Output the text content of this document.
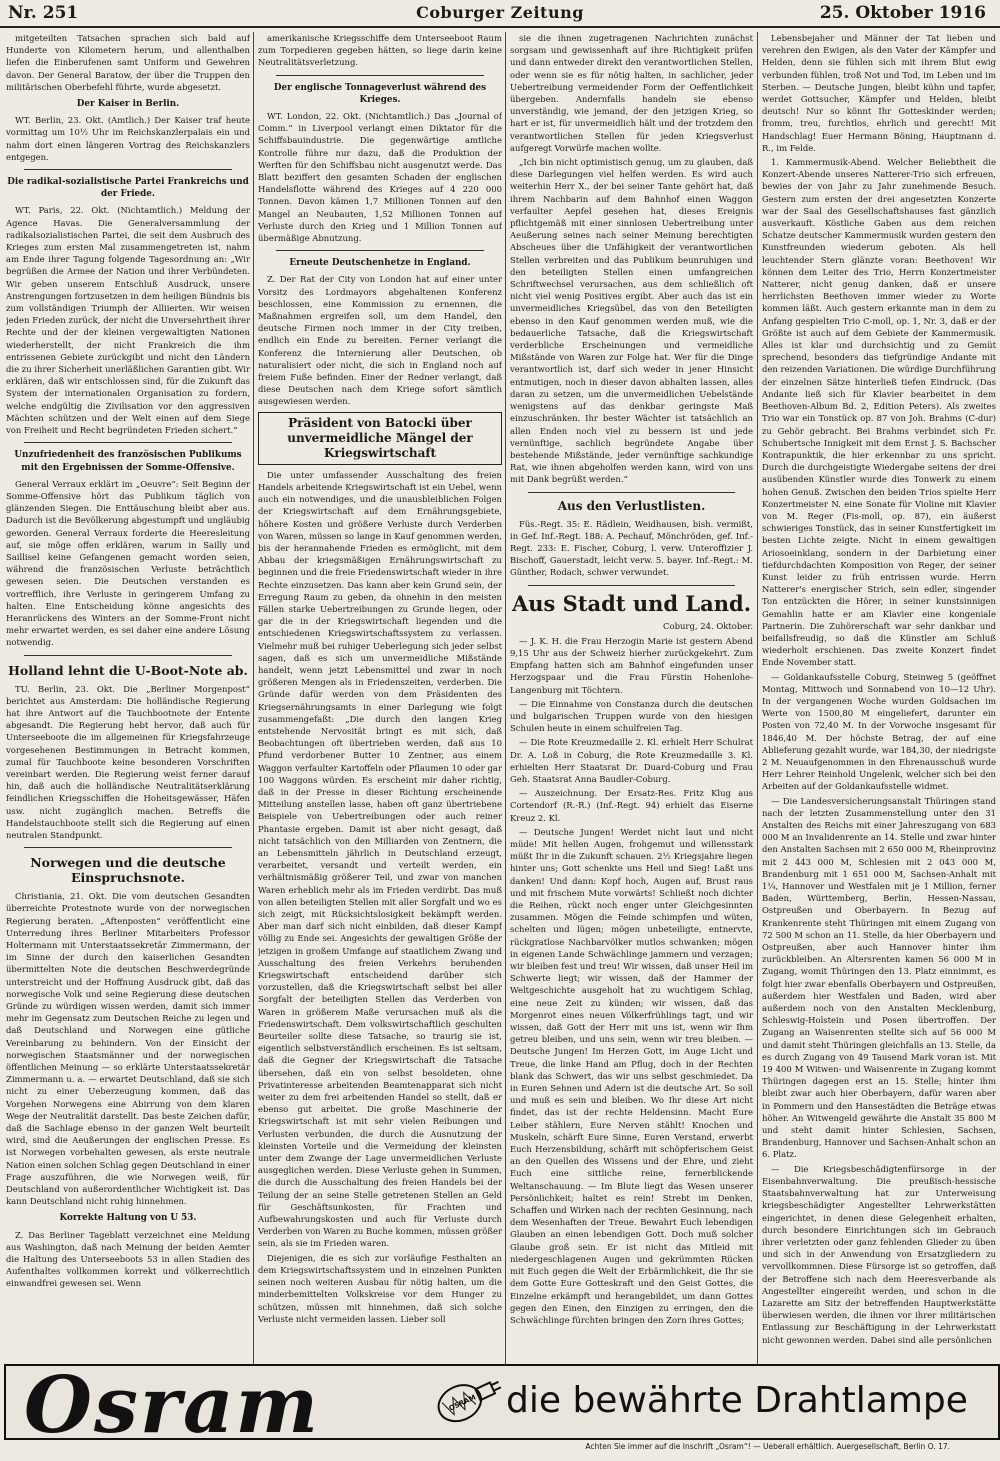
Nr. 251	Coburger Zeitung	25. Oktober 1916

mitgeteilten Tatsachen sprachen sich bald auf Hunderte von Kilometern herum, und allenthalben liefen die Einberufenen samt Uniform und Gewehren davon. Der General Baratow, der über die Truppen den militärischen Oberbefehl führte, wurde abgesetzt.

Der Kaiser in Berlin.

WT. Berlin, 23. Okt. (Amtlich.) Der Kaiser traf heute vormittag um 10½ Uhr im Reichskanzlerpalais ein und nahm dort einen längeren Vortrag des Reichskanzlers entgegen.

Die radikal-sozialistische Partei Frankreichs und der Friede.

WT. Paris, 22. Okt. (Nichtamtlich.) Meldung der Agence Havas. Die Generalversammlung der radikalsozialistischen Partei, die seit dem Ausbruch des Krieges zum ersten Mal zusammengetreten ist, nahm am Ende ihrer Tagung folgende Tagesordnung an: „Wir begrüßen die Armee der Nation und ihrer Verbündeten. Wir geben unserem Entschluß Ausdruck, unsere Anstrengungen fortzusetzen in dem heiligen Bündnis bis zum vollständigen Triumph der Alliierten. Wir weisen jeden Frieden zurück, der nicht die Unversehrtheit ihrer Rechte und der der kleinen vergewaltigten Nationen wiederherstellt, der nicht Frankreich die ihm entrissenen Gebiete zurückgibt und nicht den Ländern die zu ihrer Sicherheit unerläßlichen Garantien gibt. Wir erklären, daß wir entschlossen sind, für die Zukunft das System der internationalen Organisation zu fordern, welche endgültig die Zivilisation vor den aggressiven Mächten schützen und der Welt einen auf dem Siege von Freiheit und Recht begründeten Frieden sichert.“

Unzufriedenheit des französischen Publikums mit den Ergebnissen der Somme-Offensive.

General Verraux erklärt im „Oeuvre“: Seit Beginn der Somme-Offensive hört das Publikum täglich von glänzenden Siegen. Die Enttäuschung bleibt aber aus. Dadurch ist die Bevölkerung abgestumpft und ungläubig geworden. General Verraux forderte die Heeresleitung auf, sie möge offen erklären, warum in Sailly und Saillisel keine Gefangenen gemacht worden seien, während die französischen Verluste beträchtlich gewesen seien. Die Deutschen verstanden es vortrefflich, ihre Verluste in geringerem Umfang zu halten. Eine Entscheidung könne angesichts des Heranrückens des Winters an der Somme-Front nicht mehr erwartet werden, es sei daher eine andere Lösung notwendig.

Holland lehnt die U-Boot-Note ab.

TU. Berlin, 23. Okt. Die „Berliner Morgenpost“ berichtet aus Amsterdam: Die holländische Regierung hat ihre Antwort auf die Tauchbootnote der Entente abgesandt. Die Regierung hebt hervor, daß auch für Unterseeboote die im allgemeinen für Kriegsfahrzeuge vorgesehenen Bestimmungen in Betracht kommen, zumal für Tauchboote keine besonderen Vorschriften vereinbart werden. Die Regierung weist ferner darauf hin, daß auch die holländische Neutralitätserklärung feindlichen Kriegsschiffen die Hoheitsgewässer, Häfen usw. nicht zugänglich machen. Betreffs die Handelstauchboote stellt sich die Regierung auf einen neutralen Standpunkt.

Norwegen und die deutsche Einspruchsnote.

Christiania, 21. Okt. Die vom deutschen Gesandten überreichte Protestnote wurde von der norwegischen Regierung beraten. „Aftenposten“ veröffentlicht eine Unterredung ihres Berliner Mitarbeiters Professor Holtermann mit Unterstaatssekretär Zimmermann, der im Sinne der durch den kaiserlichen Gesandten übermittelten Note die deutschen Beschwerdegründe unterstreicht und der Hoffnung Ausdruck gibt, daß das norwegische Volk und seine Regierung diese deutschen Gründe zu würdigen wissen werden, damit sich immer mehr im Gegensatz zum Deutschen Reiche zu legen und daß Deutschland und Norwegen eine gütliche Vereinbarung zu behindern. Von der Einsicht der norwegischen Staatsmänner und der norwegischen öffentlichen Meinung — so erklärte Unterstaatssekretär Zimmermann u. a. — erwartet Deutschland, daß sie sich nicht zu einer Ueberzeugung kommen, daß das Vorgehen Norwegens eine Abirrung von dem klaren Wege der Neutralität darstellt. Das beste Zeichen dafür, daß die Sachlage ebenso in der ganzen Welt beurteilt wird, sind die Aeußerungen der englischen Presse. Es ist Norwegen vorbehalten gewesen, als erste neutrale Nation einen solchen Schlag gegen Deutschland in einer Frage auszuführen, die wie Norwegen weiß, für Deutschland von außerordentlicher Wichtigkeit ist. Das kann Deutschland nicht ruhig hinnehmen.

Korrekte Haltung von U 53.

Z. Das Berliner Tageblatt verzeichnet eine Meldung aus Washington, daß nach Meinung der beiden Aemter die Haltung des Unterseeboots 53 in allen Stadien des Aufenthaltes vollkommen korrekt und völkerrechtlich einwandfrei gewesen sei. Wenn

amerikanische Kriegsschiffe dem Unterseeboot Raum zum Torpedieren gegeben hätten, so liege darin keine Neutralitätsverletzung.

Der englische Tonnageverlust während des Krieges.

WT. London, 22. Okt. (Nichtamtlich.) Das „Journal of Comm.“ in Liverpool verlangt einen Diktator für die Schiffsbauindustrie. Die gegenwärtige amtliche Kontrolle führe nur dazu, daß die Produktion der Werften für den Schiffsbau nicht ausgenutzt werde. Das Blatt beziffert den gesamten Schaden der englischen Handelsflotte während des Krieges auf 4 220 000 Tonnen. Davon kämen 1,7 Millionen Tonnen auf den Mangel an Neubauten, 1,52 Millionen Tonnen auf Verluste durch den Krieg und 1 Million Tonnen auf übermäßige Abnutzung.

Erneute Deutschenhetze in England.

Z. Der Rat der City von London hat auf einer unter Vorsitz des Lordmayors abgehaltenen Konferenz beschlossen, eine Kommission zu ernennen, die Maßnahmen ergreifen soll, um dem Handel, den deutsche Firmen noch immer in der City treiben, endlich ein Ende zu bereiten. Ferner verlangt die Konferenz die Internierung aller Deutschen, ob naturalisiert oder nicht, die sich in England noch auf freiem Fuße befinden. Einer der Redner verlangt, daß diese Deutschen nach dem Kriege sofort sämtlich ausgewiesen werden.

Präsident von Batocki über unvermeidliche Mängel der Kriegswirtschaft

Die unter umfassender Ausschaltung des freien Handels arbeitende Kriegswirtschaft ist ein Uebel, wenn auch ein notwendiges, und die unausbleiblichen Folgen der Kriegswirtschaft auf dem Ernährungsgebiete, höhere Kosten und größere Verluste durch Verderben von Waren, müssen so lange in Kauf genommen werden, bis der herannahende Frieden es ermöglicht, mit dem Abbau der kriegsmäßigen Ernährungswirtschaft zu beginnen und die freie Friedenswirtschaft wieder in ihre Rechte einzusetzen. Das kann aber kein Grund sein, der Erregung Raum zu geben, da ohnehin in den meisten Fällen starke Uebertreibungen zu Grunde liegen, oder gar die in der Kriegswirtschaft liegenden und die entschiedenen Kriegswirtschaftssystem zu verlassen. Vielmehr muß bei ruhiger Ueberlegung sich jeder selbst sagen, daß es sich um unvermeidliche Mißstände handelt, wenn jetzt Lebensmittel und zwar in noch größeren Mengen als in Friedenszeiten, verderben. Die Gründe dafür werden von dem Präsidenten des Kriegsernährungsamts in einer Darlegung wie folgt zusammengefaßt: „Die durch den langen Krieg entstehende Nervosität bringt es mit sich, daß Beobachtungen oft übertrieben werden, daß aus 10 Pfund verdorbener Butter 10 Zentner, aus einem Waggon verfaulter Kartoffeln oder Pflaumen 10 oder gar 100 Waggons würden. Es erscheint mir daher richtig, daß in der Presse in dieser Richtung erscheinende Mitteilung anstellen lasse, haben oft ganz übertriebene Beispiele von Uebertreibungen oder auch reiner Phantasie ergeben. Damit ist aber nicht gesagt, daß nicht tatsächlich von den Milliarden von Zentnern, die an Lebensmitteln jährlich in Deutschland erzeugt, verarbeitet, versandt und verteilt werden, ein verhältnismäßig größerer Teil, und zwar von manchen Waren erheblich mehr als im Frieden verdirbt. Das muß von allen beteiligten Stellen mit aller Sorgfalt und wo es sich zeigt, mit Rücksichtslosigkeit bekämpft werden. Aber man darf sich nicht einbilden, daß dieser Kampf völlig zu Ende sei. Angesichts der gewaltigen Größe der jetzigen in großem Umfange auf staatlichem Zwang und Ausschaltung des freien Verkehrs beruhenden Kriegswirtschaft entscheidend darüber sich vorzustellen, daß die Kriegswirtschaft selbst bei aller Sorgfalt der beteiligten Stellen das Verderben von Waren in größerem Maße verursachen muß als die Friedenswirtschaft. Dem volkswirtschaftlich geschulten Beurteiler sollte diese Tatsache, so traurig sie ist, eigentlich selbstverständlich erscheinen. Es ist seltsam, daß die Gegner der Kriegswirtschaft die Tatsache übersehen, daß ein von selbst besoldeten, ohne Privatinteresse arbeitenden Beamtenapparat sich nicht weiter zu dem frei arbeitenden Handel so stellt, daß er ebenso gut arbeitet. Die große Maschinerie der Kriegswirtschaft ist mit sehr vielen Reibungen und Verlusten verbunden, die durch die Ausnutzung der kleinsten Vorteile und die Vermeidung der kleinsten unter dem Zwange der Lage unvermeidlichen Verluste ausgeglichen werden. Diese Verluste gehen in Summen, die durch die Ausschaltung des freien Handels bei der Teilung der an seine Stelle getretenen Stellen an Geld für Geschäftsunkosten, für Frachten und Aufbewahrungskosten und auch für Verluste durch Verderben von Waren zu Buche kommen, müssen größer sein, als sie im Frieden waren.

Diejenigen, die es sich zur vorläufige Festhalten an dem Kriegswirtschaftssystem und in einzelnen Punkten seinen noch weiteren Ausbau für nötig halten, um die minderbemittelten Volkskreise vor dem Hunger zu schützen, müssen mit hinnehmen, daß sich solche Verluste nicht vermeiden lassen. Lieber soll

sie die ihnen zugetragenen Nachrichten zunächst sorgsam und gewissenhaft auf ihre Richtigkeit prüfen und dann entweder direkt den verantwortlichen Stellen, oder wenn sie es für nötig halten, in sachlicher, jeder Uebertreibung vermeidender Form der Oeffentlichkeit übergeben. Andernfalls handeln sie ebenso unverständig, wie jemand, der den jetzigen Krieg, so hart er ist, für unvermeidlich hält und der trotzdem den verantwortlichen Stellen für jeden Kriegsverlust aufgeregt Vorwürfe machen wollte.

„Ich bin nicht optimistisch genug, um zu glauben, daß diese Darlegungen viel helfen werden. Es wird auch weiterhin Herr X., der bei seiner Tante gehört hat, daß ihrem Nachbarin auf dem Bahnhof einen Waggon verfaulter Aepfel gesehen hat, dieses Ereignis pflichtgemäß mit einer sinnlosen Uebertreibung unter Aeußerung seines nach seiner Meinung berechtigten Abscheues über die Unfähigkeit der verantwortlichen Stellen verbreiten und das Publikum beunruhigen und den beteiligten Stellen einen umfangreichen Schriftwechsel verursachen, aus dem schließlich oft nicht viel wenig Positives ergibt. Aber auch das ist ein unvermeidliches Kriegsübel, das von den Beteiligten ebenso in den Kauf genommen werden muß, wie die bedauerliche Tatsache, daß die Kriegswirtschaft verderbliche Erscheinungen und vermeidliche Mißstände von Waren zur Folge hat. Wer für die Dinge verantwortlich ist, darf sich weder in jener Hinsicht entmutigen, noch in dieser davon abhalten lassen, alles daran zu setzen, um die unvermeidlichen Uebelstände wenigstens auf das denkbar geringste Maß einzuschränken. Ihr bester Wächter ist tatsächlich an allen Enden noch viel zu bessern ist und jede vernünftige, sachlich begründete Angabe über bestehende Mißstände, jeder vernünftige sachkundige Rat, wie ihnen abgeholfen werden kann, wird von uns mit Dank begrüßt werden.“

Aus den Verlustlisten.

Füs.-Regt. 35: E. Rädlein, Weidhausen, bish. vermißt, in Gef. Inf.-Regt. 188: A. Pechauf, Mönchröden, gef. Inf.-Regt. 233: E. Fischer, Coburg, l. verw. Unteroffizier J. Bischoff, Gauerstadt, leicht verw. 5. bayer. Inf.-Regt.: M. Günther, Rodach, schwer verwundet.

Aus Stadt und Land.
Coburg, 24. Oktober.

— J. K. H. die Frau Herzogin Marie ist gestern Abend 9,15 Uhr aus der Schweiz hierher zurückgekehrt. Zum Empfang hatten sich am Bahnhof eingefunden unser Herzogspaar und die Frau Fürstin Hohenlohe-Langenburg mit Töchtern.

— Die Einnahme von Constanza durch die deutschen und bulgarischen Truppen wurde von den hiesigen Schulen heute in einem schulfreien Tag.

— Die Rote Kreuzmedaille 2. Kl. erhielt Herr Schulrat Dr. A. Loß in Coburg, die Rote Kreuzmedaille 3. Kl. erhielten Herr Staatsrat Dr. Duard-Coburg und Frau Geh. Staatsrat Anna Baudler-Coburg.

— Auszeichnung. Der Ersatz-Res. Fritz Klug aus Cortendorf (R.-R.) (Inf.-Regt. 94) erhielt das Eiserne Kreuz 2. Kl.

— Deutsche Jungen! Werdet nicht laut und nicht müde! Mit hellen Augen, frohgemut und willensstark müßt Ihr in die Zukunft schauen. 2½ Kriegsjahre liegen hinter uns; Gott schenkte uns Heil und Sieg! Laßt uns danken! Und dann: Kopf hoch, Augen auf, Brust raus und mit frischem Mute vorwärts! Schließt noch dichter die Reihen, rückt noch enger unter Gleichgesinnten zusammen. Mögen die Feinde schimpfen und wüten, schelten und lügen; mögen unbeteiligte, entnervte, rückgratlose Nachbarvölker mutlos schwanken; mögen in eigenen Lande Schwächlinge jammern und verzagen; wir bleiben fest und treu! Wir wissen, daß unser Heil im Schwerte liegt; wir wissen, daß der Hammer der Weltgeschichte ausgeholt hat zu wuchtigem Schlag, eine neue Zeit zu künden; wir wissen, daß das Morgenrot eines neuen Völkerfrühlings tagt, und wir wissen, daß Gott der Herr mit uns ist, wenn wir Ihm getreu bleiben, und uns sein, wenn wir treu bleiben. — Deutsche Jungen! Im Herzen Gott, im Auge Licht und Treue, die linke Hand am Pflug, doch in der Rechten blank das Schwert, das wir uns selbst geschmiedet. Da in Euren Sehnen und Adern ist die deutsche Art. So soll und muß es sein und bleiben. Wo Ihr diese Art nicht findet, das ist der rechte Heldensinn. Macht Eure Leiber stählern, Eure Nerven stählt! Knochen und Muskeln, schärft Eure Sinne, Euren Verstand, erwerbt Euch Herzensbildung, schärft mit schöpferischem Geist an den Quellen des Wissens und der Ehre, und zieht Euch eine sittliche reine, fernerblickende Weltanschauung. — Im Blute liegt das Wesen unserer Persönlichkeit; haltet es rein! Strebt im Denken, Schaffen und Wirken nach der rechten Gesinnung, nach dem Wesenhaften der Treue. Bewahrt Euch lebendigen Glauben an einen lebendigen Gott. Doch muß solcher Glaube groß sein. Er ist nicht das Mitleid mit niedergeschlagenen Augen und gekrümmten Rücken mit Euch gegen die Welt der Erbärmlichkeit, die Ihr sie dem Gotte Eure Gotteskraft und den Geist Gottes, die Einzelne erkämpft und herangebildet, um dann Gottes gegen den Einen, den Einzigen zu erringen, den die Schwächlinge fürchten bringen den Zorn ihres Gottes;

Lebensbejaher und Männer der Tat lieben und verehren den Ewigen, als den Vater der Kämpfer und Helden, denn sie fühlen sich mit ihrem Blut ewig verbunden fühlen, troß Not und Tod, im Leben und im Sterben. — Deutsche Jungen, bleibt kühn und tapfer, werdet Gottsucher, Kämpfer und Helden, bleibt deutsch! Nur so könnt Ihr Gotteskinder werden; fromm, treu, furchtlos, ehrlich und gerecht! Mit Handschlag! Euer Hermann Böning, Hauptmann d. R., im Felde.

1. Kammermusik-Abend. Welcher Beliebtheit die Konzert-Abende unseres Natterer-Trio sich erfreuen, bewies der von Jahr zu Jahr zunehmende Besuch. Gestern zum ersten der drei angesetzten Konzerte war der Saal des Gesellschaftshauses fast gänzlich ausverkauft. Köstliche Gaben aus dem reichen Schatze deutscher Kammermusik wurden gestern den Kunstfreunden wiederum geboten. Als hell leuchtender Stern glänzte voran: Beethoven! Wir können dem Leiter des Trio, Herrn Konzertmeister Natterer, nicht genug danken, daß er unsere herrlichsten Beethoven immer wieder zu Worte kommen läßt. Auch gestern erkannte man in dem zu Anfang gespielten Trio C-moll, op. 1, Nr. 3, daß er der Größte ist auch auf dem Gebiete der Kammermusik. Alles ist klar und durchsichtig und zu Gemüt sprechend, besonders das tiefgründige Andante mit den reizenden Variationen. Die würdige Durchführung der einzelnen Sätze hinterließ tiefen Eindruck. (Das Andante ließ sich für Klavier bearbeitet in dem Beethoven-Album Bd. 2, Edition Peters). Als zweites Trio war ein Tonstück op. 87 von Joh. Brahms (C-dur) zu Gehör gebracht. Bei Brahms verbindet sich Fr. Schubertsche Innigkeit mit dem Ernst J. S. Bachscher Kontrapunktik, die hier erkennbar zu uns spricht. Durch die durchgeistigte Wiedergabe seitens der drei ausübenden Künstler wurde dies Tonwerk zu einem hohen Genuß. Zwischen den beiden Trios spielte Herr Konzertmeister N. eine Sonate für Violine mit Klavier von M. Reger (Fis-moll, op. 87), ein äußerst schwieriges Tonstück, das in seiner Kunstfertigkeit im besten Lichte zeigte. Nicht in einem gewaltigen Ariosoeinklang, sondern in der Darbietung einer tiefdurchdachten Komposition von Reger, der seiner Kunst leider zu früh entrissen wurde. Herrn Natterer's energischer Strich, sein edler, singender Ton entzückten die Hörer, in seiner kunstsinnigen Gemahlin hatte er am Klavier eine kongeniale Partnerin. Die Zuhörerschaft war sehr dankbar und beifallsfreudig, so daß die Künstler am Schluß wiederholt erschienen. Das zweite Konzert findet Ende November statt.

— Goldankaufsstelle Coburg, Steinweg 5 (geöffnet Montag, Mittwoch und Sonnabend von 10—12 Uhr). In der vergangenen Woche wurden Goldsachen im Werte von 1500,80 M eingeliefert, darunter ein Posten von 72,40 M. In der Vorwoche insgesamt für 1846,40 M. Der höchste Betrag, der auf eine Ablieferung gezahlt wurde, war 184,30, der niedrigste 2 M. Neuaufgenommen in den Ehrenausschuß wurde Herr Lehrer Reinhold Ungelenk, welcher sich bei den Arbeiten auf der Goldankaufsstelle widmet.

— Die Landesversicherungsanstalt Thüringen stand nach der letzten Zusammenstellung unter den 31 Anstalten des Reichs mit einer Jahreszugang von 683 000 M an Invalidenrente an 14. Stelle und zwar hinter den Anstalten Sachsen mit 2 650 000 M, Rheinprovinz mit 2 443 000 M, Schlesien mit 2 043 000 M, Brandenburg mit 1 651 000 M, Sachsen-Anhalt mit 1¼, Hannover und Westfalen mit je 1 Million, ferner Baden, Württemberg, Berlin, Hessen-Nassau, Ostpreußen und Oberbayern. In Bezug auf Krankenrente steht Thüringen mit einem Zugang von 72 500 M schon an 11. Stelle, da hier Oberbayern und Ostpreußen, aber auch Hannover hinter ihm zurückbleiben. An Altersrenten kamen 56 000 M in Zugang, womit Thüringen den 13. Platz einnimmt, es folgt hier zwar ebenfalls Oberbayern und Ostpreußen, außerdem hier Westfalen und Baden, wird aber außerdem noch von den Anstalten Mecklenburg, Schleswig-Holstein und Posen übertroffen. Der Zugang an Waisenrenten stellte sich auf 56 000 M und damit steht Thüringen gleichfalls an 13. Stelle, da es durch Zugang von 49 Tausend Mark voran ist. Mit 19 400 M Witwen- und Waisenrente in Zugang kommt Thüringen dagegen erst an 15. Stelle; hinter ihm bleibt zwar auch hier Oberbayern, dafür waren aber in Pommern und den Hansestädten die Beträge etwas höher. An Witwengeld gewährte die Anstalt 35 800 M und steht damit hinter Schlesien, Sachsen, Brandenburg, Hannover und Sachsen-Anhalt schon an 6. Platz.

— Die Kriegsbeschädigtenfürsorge in der Eisenbahnverwaltung. Die preußisch-hessische Staatsbahnverwaltung hat zur Unterweisung kriegsbeschädigter Angestellter Lehrwerkstätten eingerichtet, in denen diese Gelegenheit erhalten, durch besondere Einrichtungen sich im Gebrauch ihrer verletzten oder ganz fehlenden Glieder zu üben und sich in der Anwendung von Ersatzgliedern zu vervollkommnen. Diese Fürsorge ist so getroffen, daß der Betroffene sich nach dem Heeresverbande als Angestellter eingereiht werden, und schon in die Lazarette am Sitz der betreffenden Hauptwerkstätte überwiesen werden, die ihnen vor ihrer militärischen Entlassung zur Beschäftigung in der Lehrwerkstatt nicht gewonnen werden. Dabei sind alle persönlichen

Osram	OSRAM die bewährte Drahtlampe
Achten Sie immer auf die Inschrift „Osram“! — Ueberall erhältlich. Auergesellschaft, Berlin O. 17.
